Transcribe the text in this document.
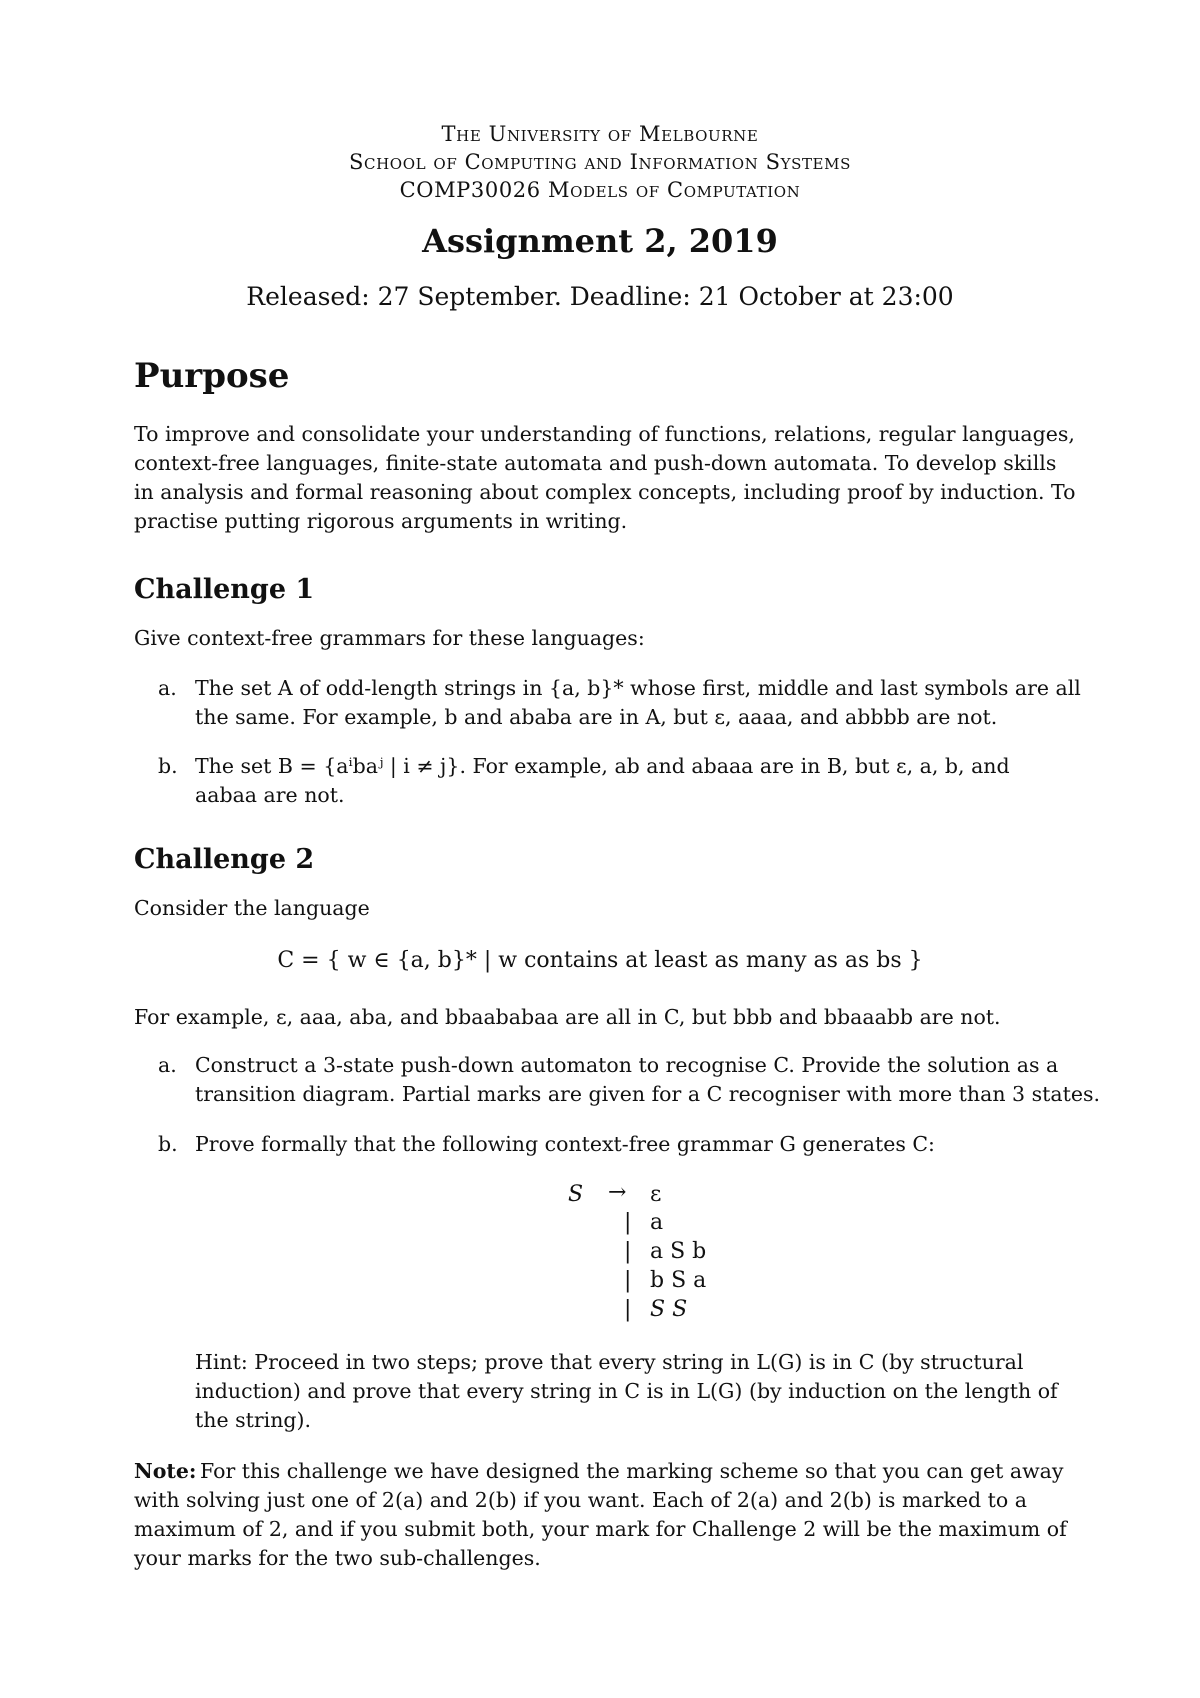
The University of Melbourne
School of Computing and Information Systems
COMP30026 Models of Computation
Assignment 2, 2019
Released: 27 September. Deadline: 21 October at 23:00
Purpose
To improve and consolidate your understanding of functions, relations, regular languages,
context-free languages, finite-state automata and push-down automata. To develop skills
in analysis and formal reasoning about complex concepts, including proof by induction. To
practise putting rigorous arguments in writing.
Challenge 1
Give context-free grammars for these languages:
a. The set A of odd-length strings in {a, b}* whose first, middle and last symbols are all
the same. For example, b and ababa are in A, but ε, aaaa, and abbbb are not.
b. The set B = {aⁱbaʲ | i ≠ j}. For example, ab and abaaa are in B, but ε, a, b, and
aabaa are not.
Challenge 2
Consider the language
C = { w ∈ {a, b}* | w contains at least as many as as bs }
For example, ε, aaa, aba, and bbaababaa are all in C, but bbb and bbaaabb are not.
a. Construct a 3-state push-down automaton to recognise C. Provide the solution as a
transition diagram. Partial marks are given for a C recogniser with more than 3 states.
b. Prove formally that the following context-free grammar G generates C:
S → ε
| a
| a S b
| b S a
| S S
Hint: Proceed in two steps; prove that every string in L(G) is in C (by structural
induction) and prove that every string in C is in L(G) (by induction on the length of
the string).
Note: For this challenge we have designed the marking scheme so that you can get away
with solving just one of 2(a) and 2(b) if you want. Each of 2(a) and 2(b) is marked to a
maximum of 2, and if you submit both, your mark for Challenge 2 will be the maximum of
your marks for the two sub-challenges.
